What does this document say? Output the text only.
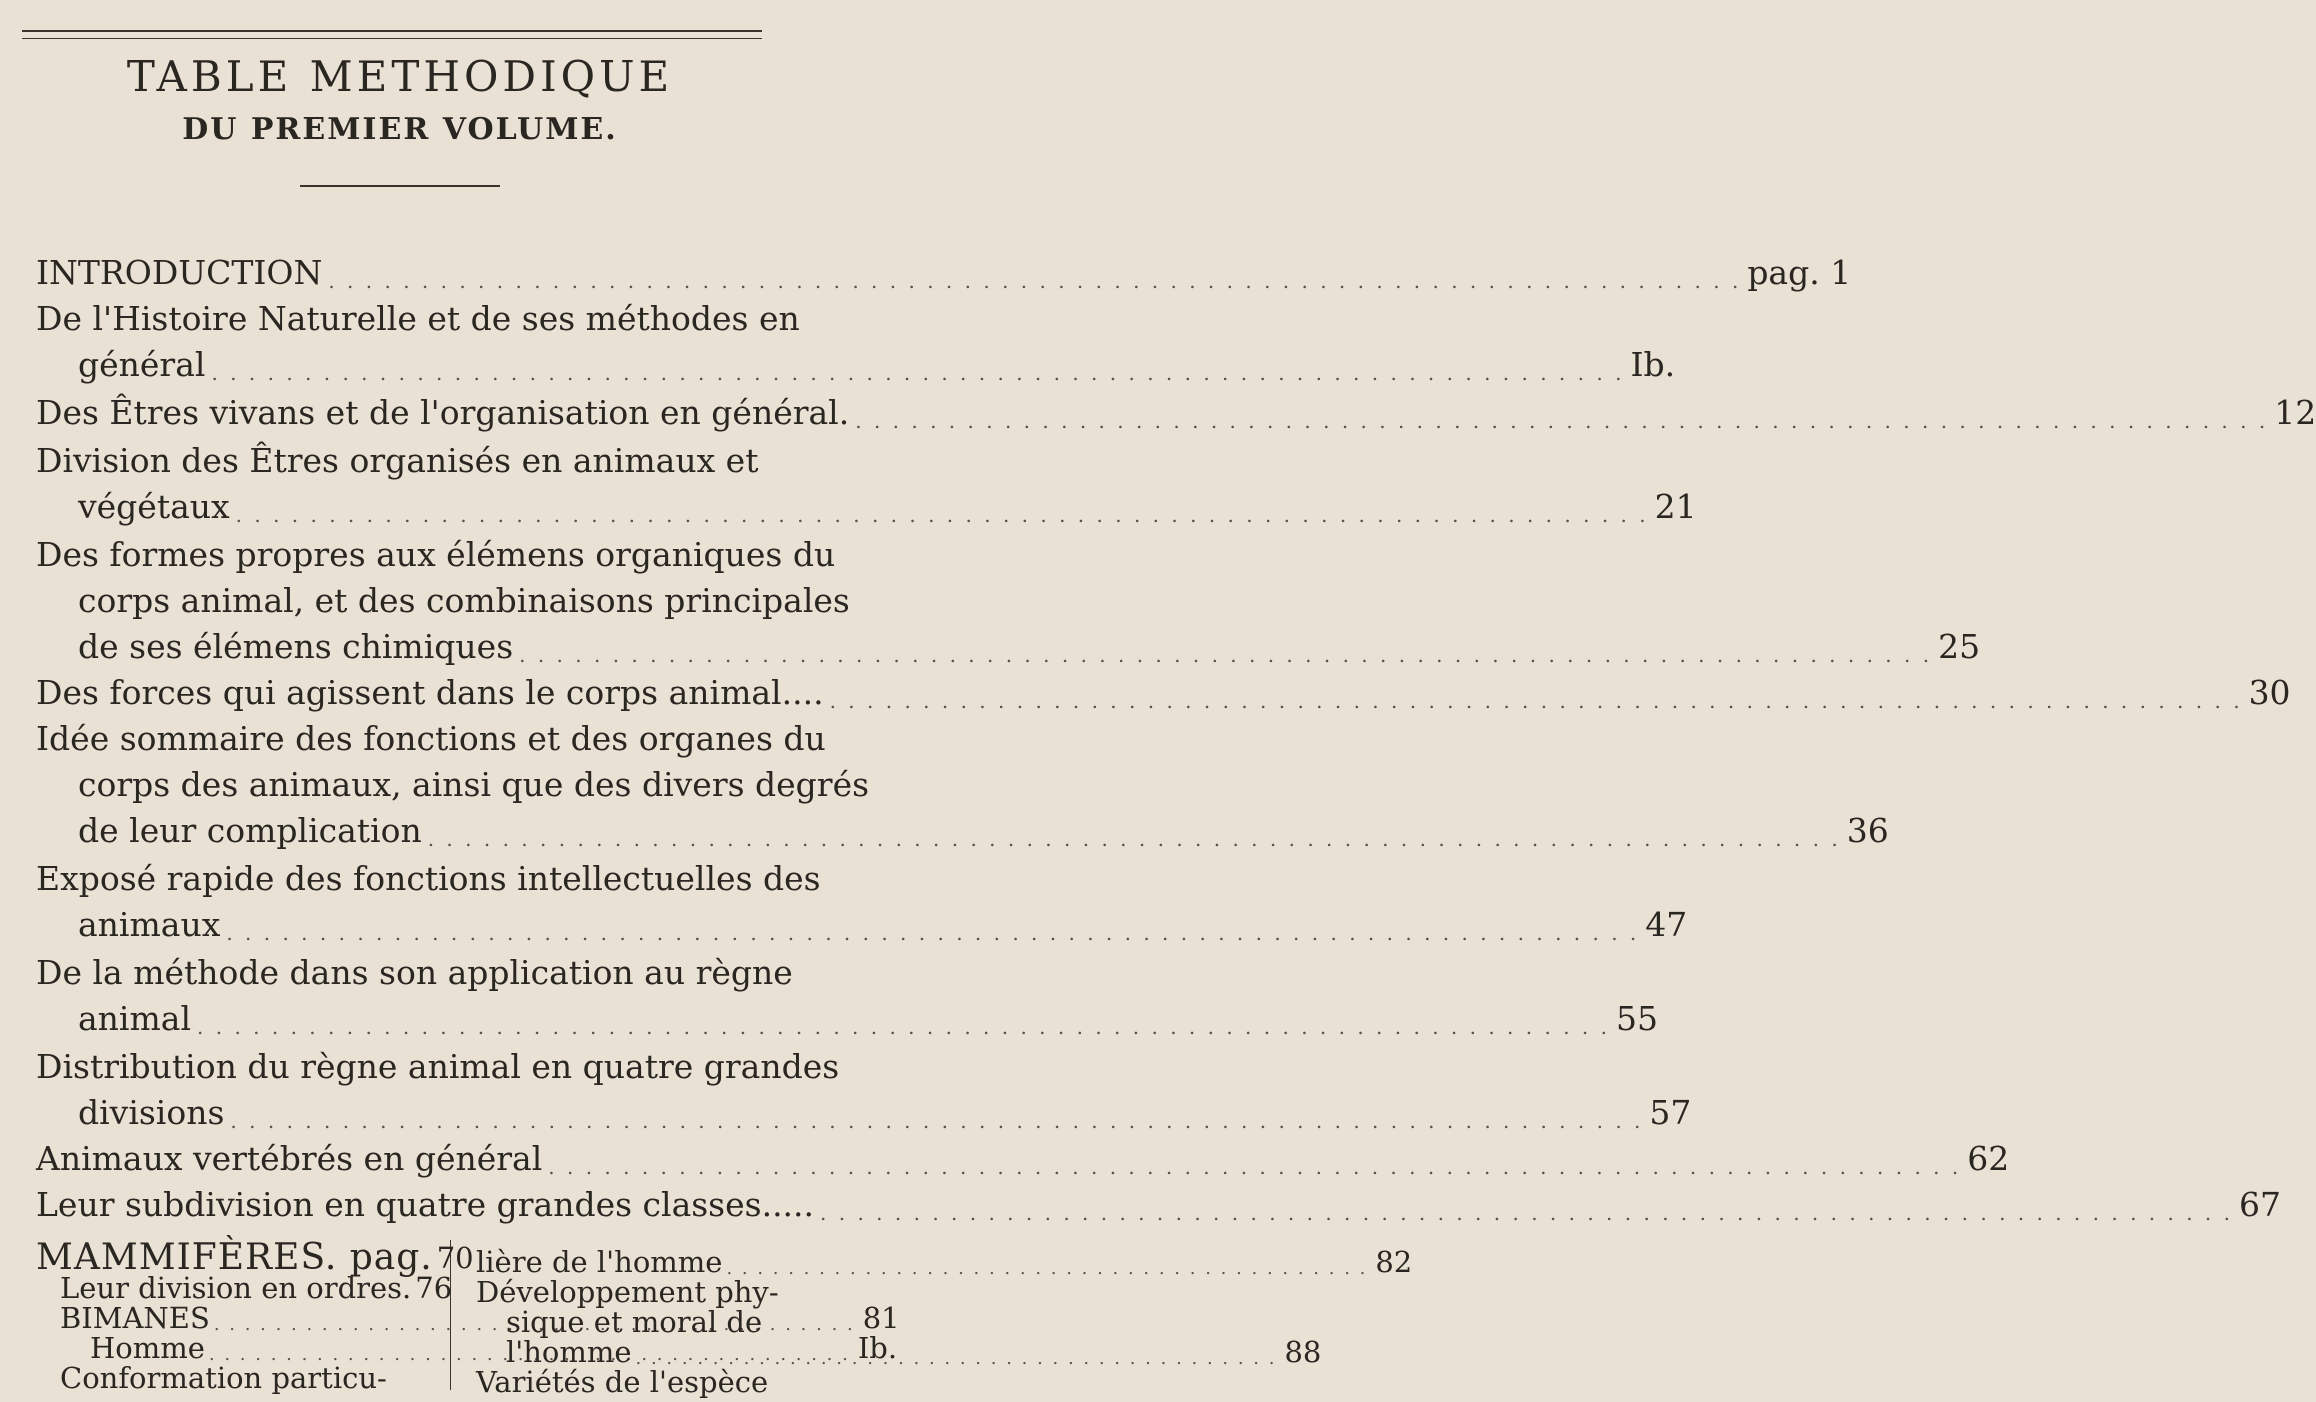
TABLE METHODIQUE
DU PREMIER VOLUME.
INTRODUCTION . . .	pag. 1
De l'Histoire Naturelle et de ses méthodes en
général . . .	Ib.
Des Êtres vivans et de l'organisation en général. . . .	12
Division des Êtres organisés en animaux et
végétaux . . .	21
Des formes propres aux élémens organiques du
corps animal, et des combinaisons principales
de ses élémens chimiques . . .	25
Des forces qui agissent dans le corps animal.... . . .	30
Idée sommaire des fonctions et des organes du
corps des animaux, ainsi que des divers degrés
de leur complication . . .	36
Exposé rapide des fonctions intellectuelles des
animaux . . .	47
De la méthode dans son application au règne
animal . . .	55
Distribution du règne animal en quatre grandes
divisions . . .	57
Animaux vertébrés en général . . .	62
Leur subdivision en quatre grandes classes..... . . .	67
MAMMIFÈRES. pag. 70
Leur division en ordres. 76
BIMANES . . .	81
Homme . . .	Ib.
Conformation particu-
lière de l'homme . . .	82
Développement phy-
sique et moral de
l'homme . . .	88
Variétés de l'espèce
